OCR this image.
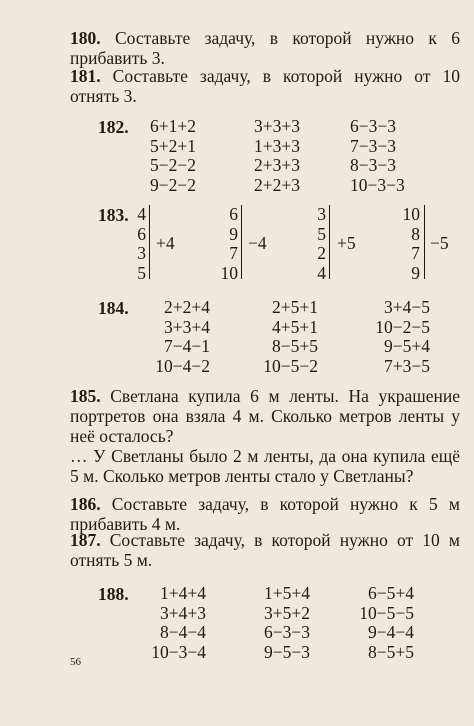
180. Составьте задачу, в которой нужно к 6 прибавить 3.

181. Составьте задачу, в которой нужно от 10 отнять 3.

182. 6+1+2
5+2+1
5−2−2
9−2−2
3+3+3
1+3+3
2+3+3
2+2+3
6−3−3
7−3−3
8−3−3
10−3−3
183. 4
6
3
5
+4
6
9
7
10
−4
3
5
2
4
+5
10
8
7
9
−5
184.	2+2+4
3+3+4
7−4−1
10−4−2
2+5+1
4+5+1
8−5+5
10−5−2
3+4−5
10−2−5
9−5+4
7+3−5

185. Светлана купила 6 м ленты. На украшение портретов она взяла 4 м. Сколько метров ленты у неё осталось?

… У Светланы было 2 м ленты, да она купила ещё 5 м. Сколько метров ленты стало у Светланы?

186. Составьте задачу, в которой нужно к 5 м прибавить 4 м.

187. Составьте задачу, в которой нужно от 10 м отнять 5 м.

188.	1+4+4
3+4+3
8−4−4
10−3−4
1+5+4
3+5+2
6−3−3
9−5−3
6−5+4
10−5−5
9−4−4
8−5+5
56
